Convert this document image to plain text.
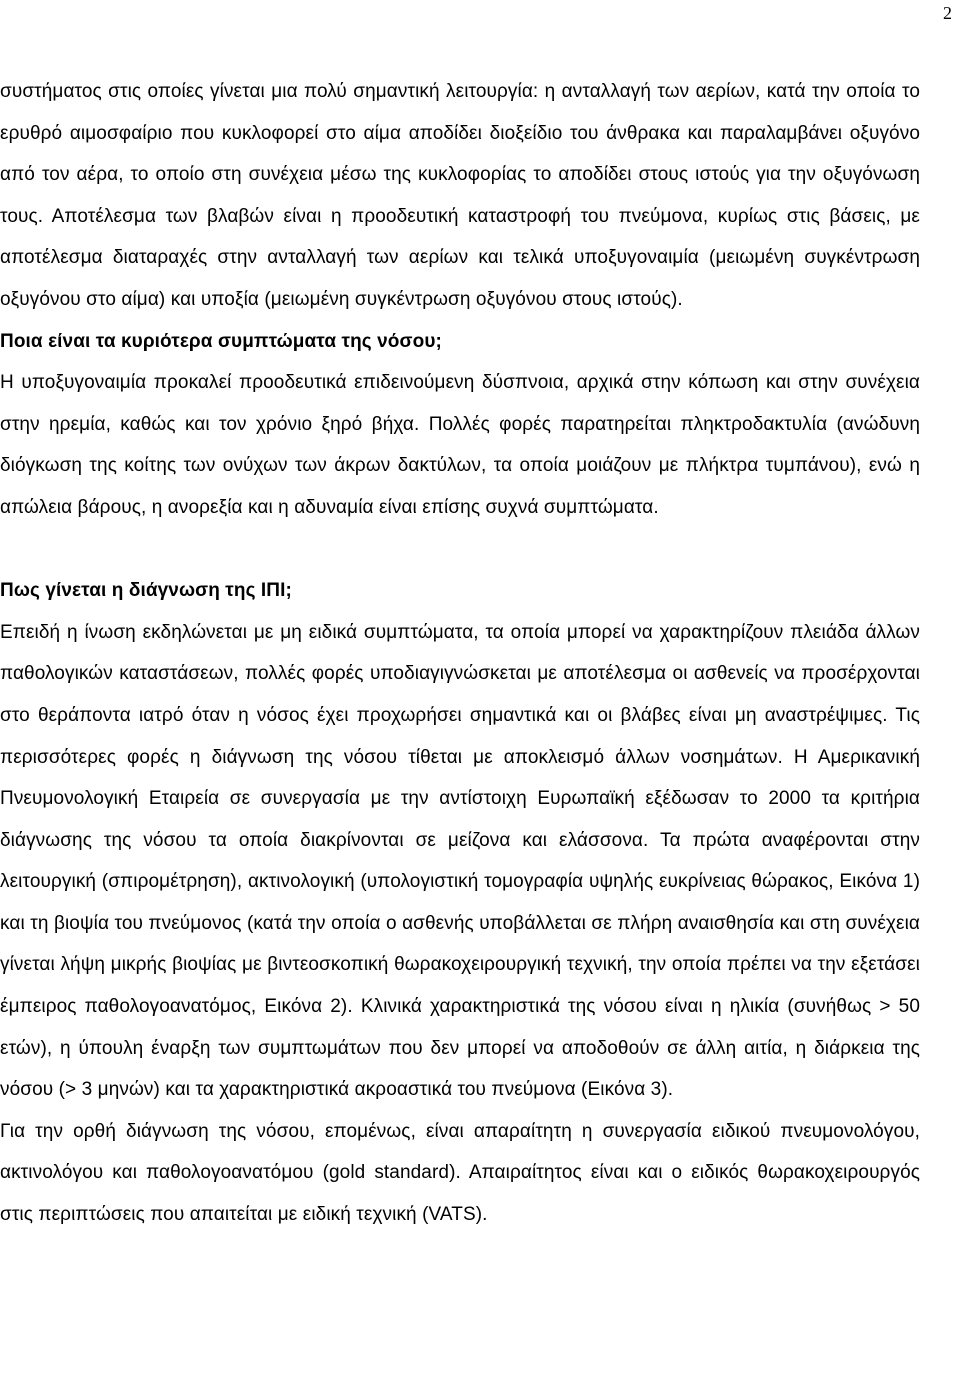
2

συστήματος στις οποίες γίνεται μια πολύ σημαντική λειτουργία: η ανταλλαγή των αερίων, κατά την οποία το ερυθρό αιμοσφαίριο που κυκλοφορεί στο αίμα αποδίδει διοξείδιο του άνθρακα και παραλαμβάνει οξυγόνο από τον αέρα, το οποίο στη συνέχεια μέσω της κυκλοφορίας το αποδίδει στους ιστούς για την οξυγόνωση τους. Αποτέλεσμα των βλαβών είναι η προοδευτική καταστροφή του πνεύμονα, κυρίως στις βάσεις, με αποτέλεσμα διαταραχές στην ανταλλαγή των αερίων και τελικά υποξυγοναιμία (μειωμένη συγκέντρωση οξυγόνου στο αίμα) και υποξία (μειωμένη συγκέντρωση οξυγόνου στους ιστούς).

Ποια είναι τα κυριότερα συμπτώματα της νόσου;

Η υποξυγοναιμία προκαλεί προοδευτικά επιδεινούμενη δύσπνοια, αρχικά στην κόπωση και στην συνέχεια στην ηρεμία, καθώς και τον χρόνιο ξηρό βήχα. Πολλές φορές παρατηρείται πληκτροδακτυλία (ανώδυνη διόγκωση της κοίτης των ονύχων των άκρων δακτύλων, τα οποία μοιάζουν με πλήκτρα τυμπάνου), ενώ η απώλεια βάρους, η ανορεξία και η αδυναμία είναι επίσης συχνά συμπτώματα.

Πως γίνεται η διάγνωση της ΙΠΙ;

Επειδή η ίνωση εκδηλώνεται με μη ειδικά συμπτώματα, τα οποία μπορεί να χαρακτηρίζουν πλειάδα άλλων παθολογικών καταστάσεων, πολλές φορές υποδιαγιγνώσκεται με αποτέλεσμα οι ασθενείς να προσέρχονται στο θεράποντα ιατρό όταν η νόσος έχει προχωρήσει σημαντικά και οι βλάβες είναι μη αναστρέψιμες. Τις περισσότερες φορές η διάγνωση της νόσου τίθεται με αποκλεισμό άλλων νοσημάτων. Η Αμερικανική Πνευμονολογική Εταιρεία σε συνεργασία με την αντίστοιχη Ευρωπαϊκή εξέδωσαν το 2000 τα κριτήρια διάγνωσης της νόσου τα οποία διακρίνονται σε μείζονα και ελάσσονα. Τα πρώτα αναφέρονται στην λειτουργική (σπιρομέτρηση), ακτινολογική (υπολογιστική τομογραφία υψηλής ευκρίνειας θώρακος, Εικόνα 1) και τη βιοψία του πνεύμονος (κατά την οποία ο ασθενής υποβάλλεται σε πλήρη αναισθησία και στη συνέχεια γίνεται λήψη μικρής βιοψίας με βιντεοσκοπική θωρακοχειρουργική τεχνική, την οποία πρέπει να την εξετάσει έμπειρος παθολογοανατόμος, Εικόνα 2). Κλινικά χαρακτηριστικά της νόσου είναι η ηλικία (συνήθως > 50 ετών), η ύπουλη έναρξη των συμπτωμάτων που δεν μπορεί να αποδοθούν σε άλλη αιτία, η διάρκεια της νόσου (> 3 μηνών) και τα χαρακτηριστικά ακροαστικά του πνεύμονα (Εικόνα 3).

Για την ορθή διάγνωση της νόσου, επομένως, είναι απαραίτητη η συνεργασία ειδικού πνευμονολόγου, ακτινολόγου και παθολογοανατόμου (gold standard). Απαιραίτητος είναι και ο ειδικός θωρακοχειρουργός στις περιπτώσεις που απαιτείται με ειδική τεχνική (VATS).
